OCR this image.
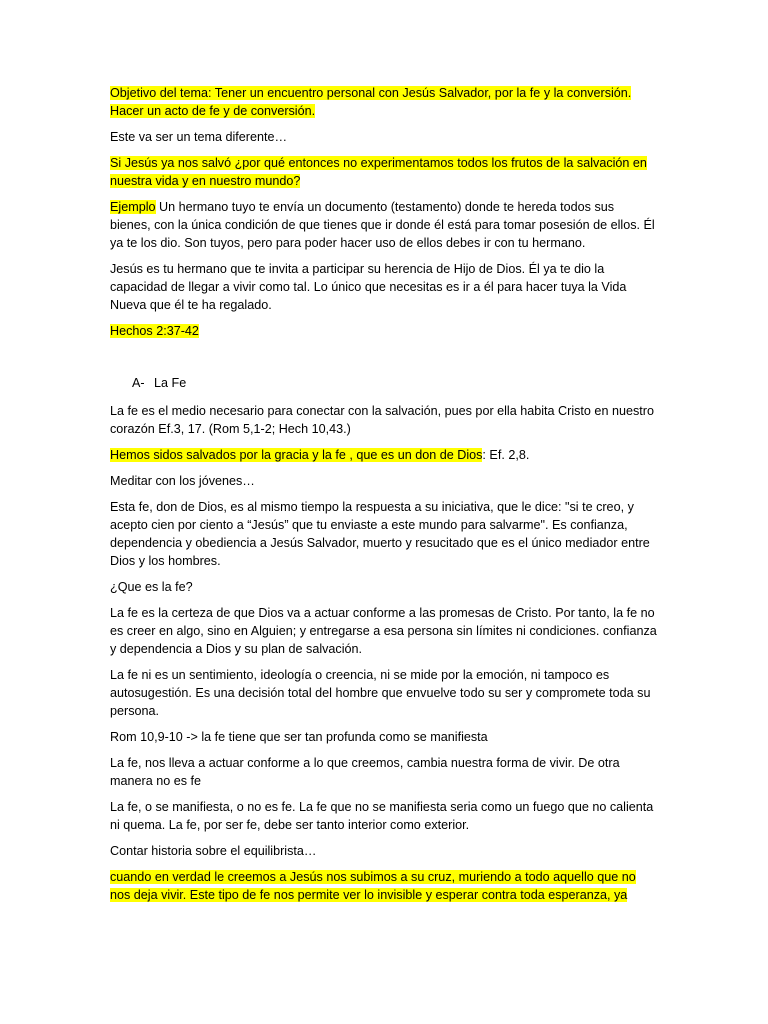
Objetivo del tema: Tener un encuentro personal con Jesús Salvador, por la fe y la conversión. Hacer un acto de fe y de conversión.

Este va ser un tema diferente…

Si Jesús ya nos salvó ¿por qué entonces no experimentamos todos los frutos de la salvación en nuestra vida y en nuestro mundo?

Ejemplo Un hermano tuyo te envía un documento (testamento) donde te hereda todos sus bienes, con la única condición de que tienes que ir donde él está para tomar posesión de ellos. Él ya te los dio. Son tuyos, pero para poder hacer uso de ellos debes ir con tu hermano.

Jesús es tu hermano que te invita a participar su herencia de Hijo de Dios. Él ya te dio la capacidad de llegar a vivir como tal. Lo único que necesitas es ir a él para hacer tuya la Vida Nueva que él te ha regalado.

Hechos 2:37-42

A- La Fe

La fe es el medio necesario para conectar con la salvación, pues por ella habita Cristo en nuestro corazón Ef.3, 17. (Rom 5,1-2; Hech 10,43.)

Hemos sidos salvados por la gracia y la fe , que es un don de Dios: Ef. 2,8.

Meditar con los jóvenes…

Esta fe, don de Dios, es al mismo tiempo la respuesta a su iniciativa, que le dice: "si te creo, y acepto cien por ciento a “Jesús” que tu enviaste a este mundo para salvarme". Es confianza, dependencia y obediencia a Jesús Salvador, muerto y resucitado que es el único mediador entre Dios y los hombres.

¿Que es la fe?

La fe es la certeza de que Dios va a actuar conforme a las promesas de Cristo. Por tanto, la fe no es creer en algo, sino en Alguien; y entregarse a esa persona sin límites ni condiciones. confianza y dependencia a Dios y su plan de salvación.

La fe ni es un sentimiento, ideología o creencia, ni se mide por la emoción, ni tampoco es autosugestión. Es una decisión total del hombre que envuelve todo su ser y compromete toda su persona.

Rom 10,9-10 -> la fe tiene que ser tan profunda como se manifiesta

La fe, nos lleva a actuar conforme a lo que creemos, cambia nuestra forma de vivir. De otra manera no es fe

La fe, o se manifiesta, o no es fe. La fe que no se manifiesta seria como un fuego que no calienta ni quema. La fe, por ser fe, debe ser tanto interior como exterior.

Contar historia sobre el equilibrista…

cuando en verdad le creemos a Jesús nos subimos a su cruz, muriendo a todo aquello que no nos deja vivir. Este tipo de fe nos permite ver lo invisible y esperar contra toda esperanza, ya
